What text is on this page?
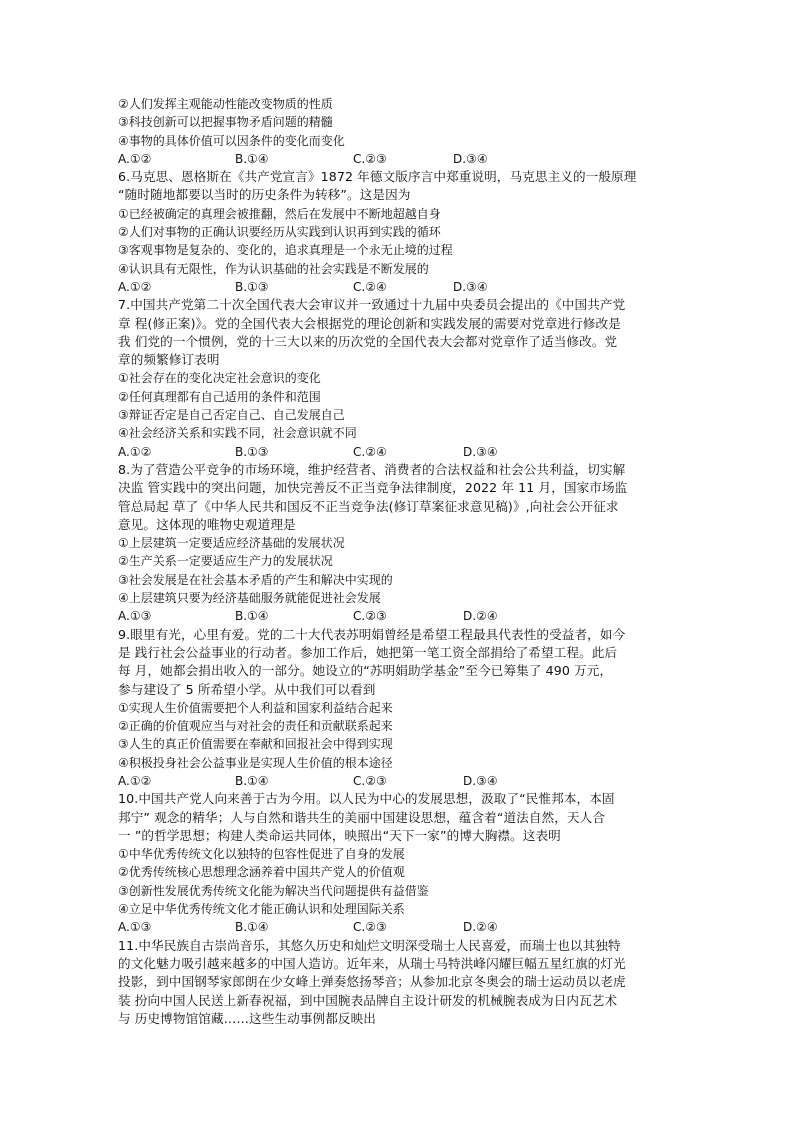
②人们发挥主观能动性能改变物质的性质
③科技创新可以把握事物矛盾问题的精髓
④事物的具体价值可以因条件的变化而变化
A.①②	B.①④	C.②③	D.③④
6.马克思、恩格斯在《共产党宣言》1872 年德文版序言中郑重说明，马克思主义的一般原理
“随时随地都要以当时的历史条件为转移”。这是因为
①已经被确定的真理会被推翻，然后在发展中不断地超越自身
②人们对事物的正确认识要经历从实践到认识再到实践的循环
③客观事物是复杂的、变化的，追求真理是一个永无止境的过程
④认识具有无限性，作为认识基础的社会实践是不断发展的
A.①②	B.①③	C.②④	D.③④
7.中国共产党第二十次全国代表大会审议并一致通过十九届中央委员会提出的《中国共产党
章 程(修正案)》。党的全国代表大会根据党的理论创新和实践发展的需要对党章进行修改是
我 们党的一个惯例，党的十三大以来的历次党的全国代表大会都对党章作了适当修改。党
章的频繁修订表明
①社会存在的变化决定社会意识的变化
②任何真理都有自己适用的条件和范围
③辩证否定是自己否定自己、自己发展自己
④社会经济关系和实践不同，社会意识就不同
A.①②	B.①③	C.②④	D.③④
8.为了营造公平竞争的市场环境，维护经营者、消费者的合法权益和社会公共利益，切实解
决监 管实践中的突出问题，加快完善反不正当竞争法律制度，2022 年 11 月，国家市场监
管总局起 草了《中华人民共和国反不正当竞争法(修订草案征求意见稿)》,向社会公开征求
意见。这体现的唯物史观道理是
①上层建筑一定要适应经济基础的发展状况
②生产关系一定要适应生产力的发展状况
③社会发展是在社会基本矛盾的产生和解决中实现的
④上层建筑只要为经济基础服务就能促进社会发展
A.①③	B.①④	C.②③	D.②④
9.眼里有光，心里有爱。党的二十大代表苏明娟曾经是希望工程最具代表性的受益者，如今
是 践行社会公益事业的行动者。参加工作后，她把第一笔工资全部捐给了希望工程。此后
每 月，她都会捐出收入的一部分。她设立的“苏明娟助学基金”至今已筹集了 490 万元，
参与建设了 5 所希望小学。从中我们可以看到
①实现人生价值需要把个人利益和国家利益结合起来
②正确的价值观应当与对社会的责任和贡献联系起来
③人生的真正价值需要在奉献和回报社会中得到实现
④积极投身社会公益事业是实现人生价值的根本途径
A.①②	B.①④	C.②③	D.③④
10.中国共产党人向来善于古为今用。以人民为中心的发展思想，汲取了“民惟邦本，本固
邦宁” 观念的精华；人与自然和谐共生的美丽中国建设思想，蕴含着“道法自然，天人合
一 ”的哲学思想；构建人类命运共同体，映照出“天下一家”的博大胸襟。这表明
①中华优秀传统文化以独特的包容性促进了自身的发展
②优秀传统核心思想理念涵养着中国共产党人的价值观
③创新性发展优秀传统文化能为解决当代问题提供有益借鉴
④立足中华优秀传统文化才能正确认识和处理国际关系
A.①③	B.①④	C.②③	D.②④
11.中华民族自古崇尚音乐，其悠久历史和灿烂文明深受瑞士人民喜爱，而瑞士也以其独特
的文化魅力吸引越来越多的中国人造访。近年来，从瑞士马特洪峰闪耀巨幅五星红旗的灯光
投影，到中国钢琴家郎朗在少女峰上弹奏悠扬琴音；从参加北京冬奥会的瑞士运动员以老虎
装 扮向中国人民送上新春祝福，到中国腕表品牌自主设计研发的机械腕表成为日内瓦艺术
与 历史博物馆馆藏……这些生动事例都反映出
